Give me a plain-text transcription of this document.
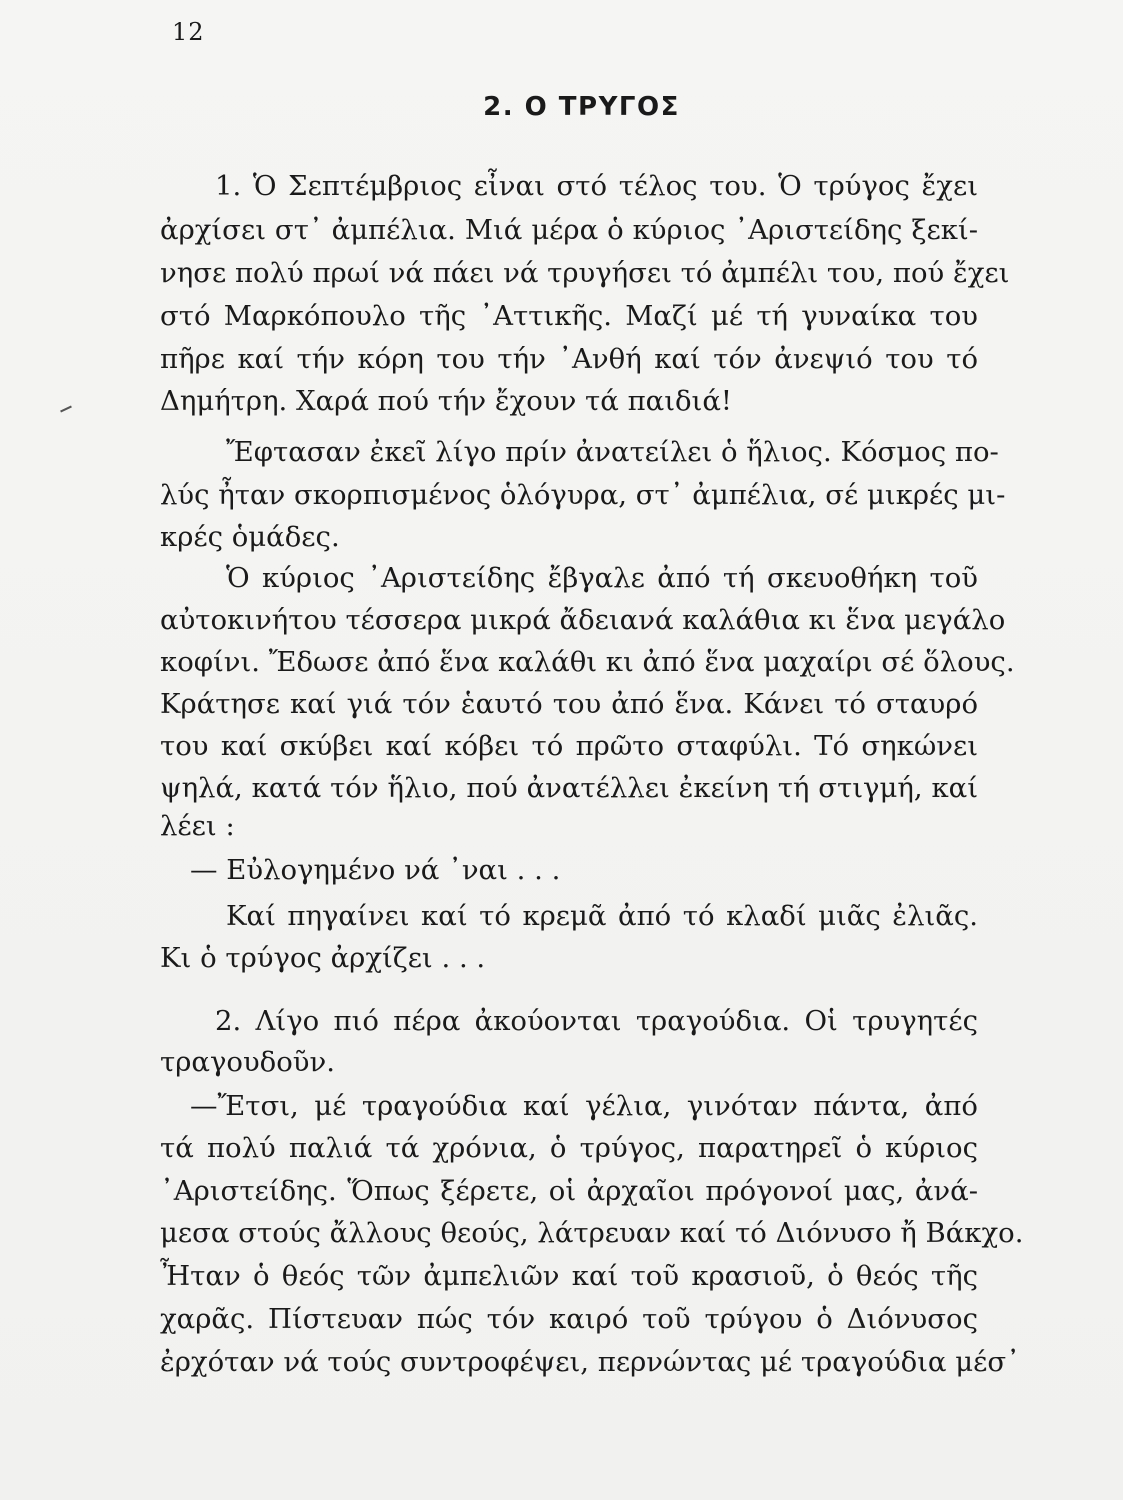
12
2. Ο ΤΡΥΓΟΣ
1. Ὁ Σεπτέμβριος εἶναι στό τέλος του. Ὁ τρύγος ἔχει
ἀρχίσει στ᾿ ἀμπέλια. Μιά μέρα ὁ κύριος ᾿Αριστείδης ξεκί-
νησε πολύ πρωί νά πάει νά τρυγήσει τό ἀμπέλι του, πού ἔχει
στό Μαρκόπουλο τῆς ᾿Αττικῆς. Μαζί μέ τή γυναίκα του
πῆρε καί τήν κόρη του τήν ᾿Ανθή καί τόν ἀνεψιό του τό
Δημήτρη. Χαρά πού τήν ἔχουν τά παιδιά!
Ἔφτασαν ἐκεῖ λίγο πρίν ἀνατείλει ὁ ἥλιος. Κόσμος πο-
λύς ἦταν σκορπισμένος ὁλόγυρα, στ᾿ ἀμπέλια, σέ μικρές μι-
κρές ὁμάδες.
Ὁ κύριος ᾿Αριστείδης ἔβγαλε ἀπό τή σκευοθήκη τοῦ
αὐτοκινήτου τέσσερα μικρά ἄδειανά καλάθια κι ἕνα μεγάλο
κοφίνι. Ἔδωσε ἀπό ἕνα καλάθι κι ἀπό ἕνα μαχαίρι σέ ὅλους.
Κράτησε καί γιά τόν ἑαυτό του ἀπό ἕνα. Κάνει τό σταυρό
του καί σκύβει καί κόβει τό πρῶτο σταφύλι. Τό σηκώνει
ψηλά, κατά τόν ἥλιο, πού ἀνατέλλει ἐκείνη τή στιγμή, καί
λέει :
— Εὐλογημένο νά ᾿ναι . . .
Καί πηγαίνει καί τό κρεμᾶ ἀπό τό κλαδί μιᾶς ἐλιᾶς.
Κι ὁ τρύγος ἀρχίζει . . .
2. Λίγο πιό πέρα ἀκούονται τραγούδια. Οἱ τρυγητές
τραγουδοῦν.
—Ἔτσι, μέ τραγούδια καί γέλια, γινόταν πάντα, ἀπό
τά πολύ παλιά τά χρόνια, ὁ τρύγος, παρατηρεῖ ὁ κύριος
᾿Αριστείδης. Ὅπως ξέρετε, οἱ ἀρχαῖοι πρόγονοί μας, ἀνά-
μεσα στούς ἄλλους θεούς, λάτρευαν καί τό Διόνυσο ἤ Βάκχο.
Ἦταν ὁ θεός τῶν ἀμπελιῶν καί τοῦ κρασιοῦ, ὁ θεός τῆς
χαρᾶς. Πίστευαν πώς τόν καιρό τοῦ τρύγου ὁ Διόνυσος
ἐρχόταν νά τούς συντροφέψει, περνώντας μέ τραγούδια μέσ᾿
